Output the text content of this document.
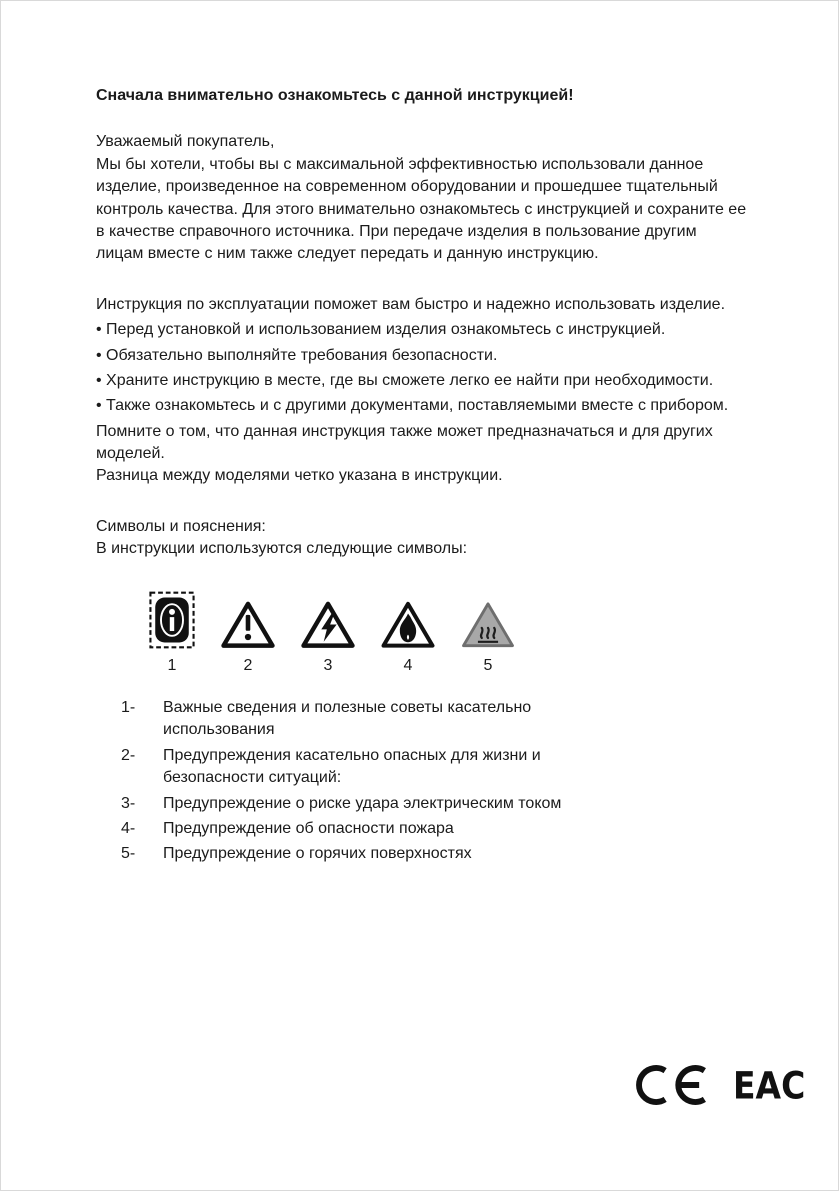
Сначала внимательно ознакомьтесь с данной инструкцией!

Уважаемый покупатель,

Мы бы хотели, чтобы вы с максимальной эффективностью использовали данное изделие, произведенное на современном оборудовании и прошедшее тщательный контроль качества. Для этого внимательно ознакомьтесь с инструкцией и сохраните ее в качестве справочного источника. При передаче изделия в пользование другим лицам вместе с ним также следует передать и данную инструкцию.

Инструкция по эксплуатации поможет вам быстро и надежно использовать изделие.

• Перед установкой и использованием изделия ознакомьтесь с инструкцией.

• Обязательно выполняйте требования безопасности.

• Храните инструкцию в месте, где вы сможете легко ее найти при необходимости.

• Также ознакомьтесь и с другими документами, поставляемыми вместе с прибором.

Помните о том, что данная инструкция также может предназначаться и для других моделей.

Разница между моделями четко указана в инструкции.

Символы и пояснения:

В инструкции используются следующие символы:

1	2	3	4	5
1-	Важные сведения и полезные советы касательно использования
2-	Предупреждения касательно опасных для жизни и безопасности ситуаций:
3-	Предупреждение о риске удара электрическим током
4-	Предупреждение об опасности пожара
5-	Предупреждение о горячих поверхностях
EAC
